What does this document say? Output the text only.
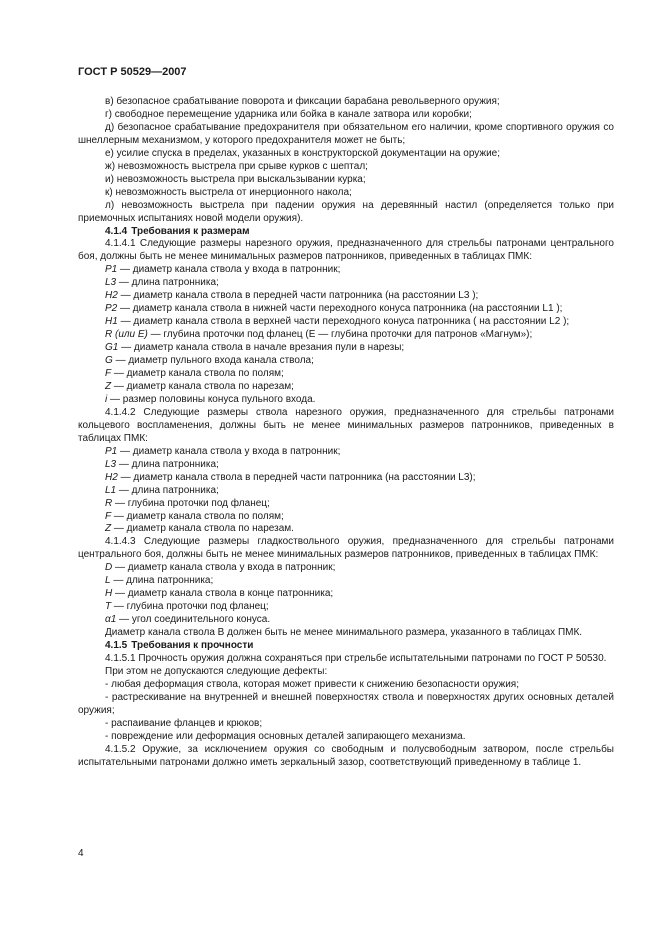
ГОСТ Р 50529—2007

в) безопасное срабатывание поворота и фиксации барабана револьверного оружия;

г) свободное перемещение ударника или бойка в канале затвора или коробки;

д) безопасное срабатывание предохранителя при обязательном его наличии, кроме спортивного оружия со шнеллерным механизмом, у которого предохранителя может не быть;

е) усилие спуска в пределах, указанных в конструкторской документации на оружие;

ж) невозможность выстрела при срыве курков с шептал;

и) невозможность выстрела при выскальзывании курка;

к) невозможность выстрела от инерционного накола;

л) невозможность выстрела при падении оружия на деревянный настил (определяется только при приемочных испытаниях новой модели оружия).

4.1.4 Требования к размерам

4.1.4.1 Следующие размеры нарезного оружия, предназначенного для стрельбы патронами центрального боя, должны быть не менее минимальных размеров патронников, приведенных в таблицах ПМК:

P1 — диаметр канала ствола у входа в патронник;

L3 — длина патронника;

H2 — диаметр канала ствола в передней части патронника (на расстоянии L3 );

P2 — диаметр канала ствола в нижней части переходного конуса патронника (на расстоянии L1 );

H1 — диаметр канала ствола в верхней части переходного конуса патронника ( на расстоянии L2 );

R (или E) — глубина проточки под фланец (E — глубина проточки для патронов «Магнум»);

G1 — диаметр канала ствола в начале врезания пули в нарезы;

G — диаметр пульного входа канала ствола;

F — диаметр канала ствола по полям;

Z — диаметр канала ствола по нарезам;

i — размер половины конуса пульного входа.

4.1.4.2 Следующие размеры ствола нарезного оружия, предназначенного для стрельбы патронами кольцевого воспламенения, должны быть не менее минимальных размеров патронников, приведенных в таблицах ПМК:

P1 — диаметр канала ствола у входа в патронник;

L3 — длина патронника;

H2 — диаметр канала ствола в передней части патронника (на расстоянии L3);

L1 — длина патронника;

R — глубина проточки под фланец;

F — диаметр канала ствола по полям;

Z — диаметр канала ствола по нарезам.

4.1.4.3 Следующие размеры гладкоствольного оружия, предназначенного для стрельбы патронами центрального боя, должны быть не менее минимальных размеров патронников, приведенных в таблицах ПМК:

D — диаметр канала ствола у входа в патронник;

L — длина патронника;

H — диаметр канала ствола в конце патронника;

T — глубина проточки под фланец;

α1 — угол соединительного конуса.

Диаметр канала ствола B должен быть не менее минимального размера, указанного в таблицах ПМК.

4.1.5 Требования к прочности

4.1.5.1 Прочность оружия должна сохраняться при стрельбе испытательными патронами по ГОСТ Р 50530.

При этом не допускаются следующие дефекты:

- любая деформация ствола, которая может привести к снижению безопасности оружия;

- растрескивание на внутренней и внешней поверхностях ствола и поверхностях других основных деталей оружия;

- распаивание фланцев и крюков;

- повреждение или деформация основных деталей запирающего механизма.

4.1.5.2 Оружие, за исключением оружия со свободным и полусвободным затвором, после стрельбы испытательными патронами должно иметь зеркальный зазор, соответствующий приведенному в таблице 1.

4
